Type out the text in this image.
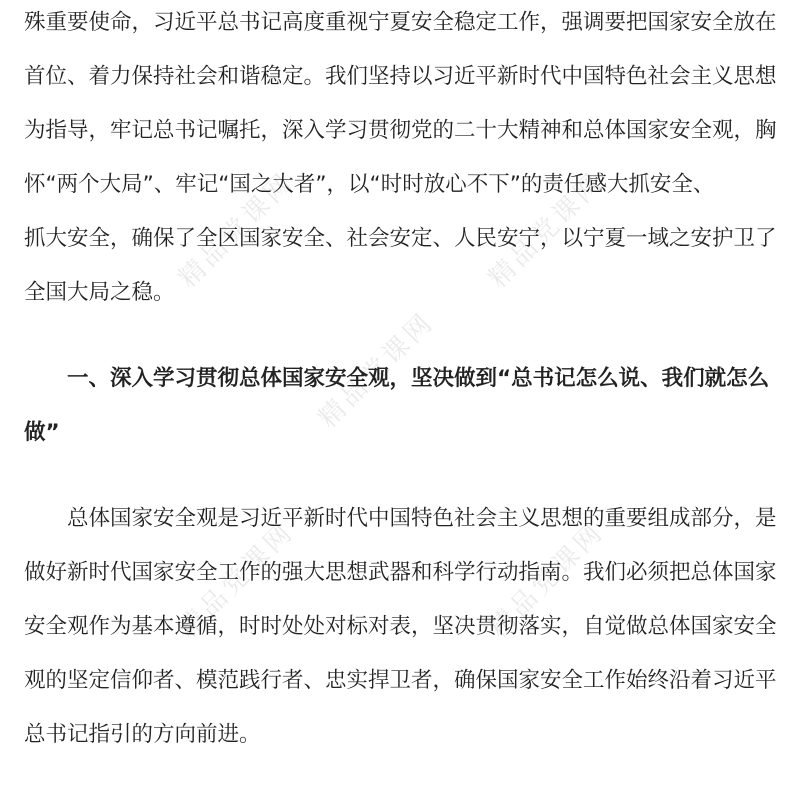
精品党课网	精品党课网
精品党课网
精品党课网	精品党课网
殊重要使命，习近平总书记高度重视宁夏安全稳定工作，强调要把国家安全放在
首位、着力保持社会和谐稳定。我们坚持以习近平新时代中国特色社会主义思想
为指导，牢记总书记嘱托，深入学习贯彻党的二十大精神和总体国家安全观，胸
怀“两个大局”、牢记“国之大者”，以“时时放心不下”的责任感大抓安全、
抓大安全，确保了全区国家安全、社会安定、人民安宁，以宁夏一域之安护卫了
全国大局之稳。
一、深入学习贯彻总体国家安全观，坚决做到“总书记怎么说、我们就怎么
做”
总体国家安全观是习近平新时代中国特色社会主义思想的重要组成部分，是
做好新时代国家安全工作的强大思想武器和科学行动指南。我们必须把总体国家
安全观作为基本遵循，时时处处对标对表，坚决贯彻落实，自觉做总体国家安全
观的坚定信仰者、模范践行者、忠实捍卫者，确保国家安全工作始终沿着习近平
总书记指引的方向前进。
